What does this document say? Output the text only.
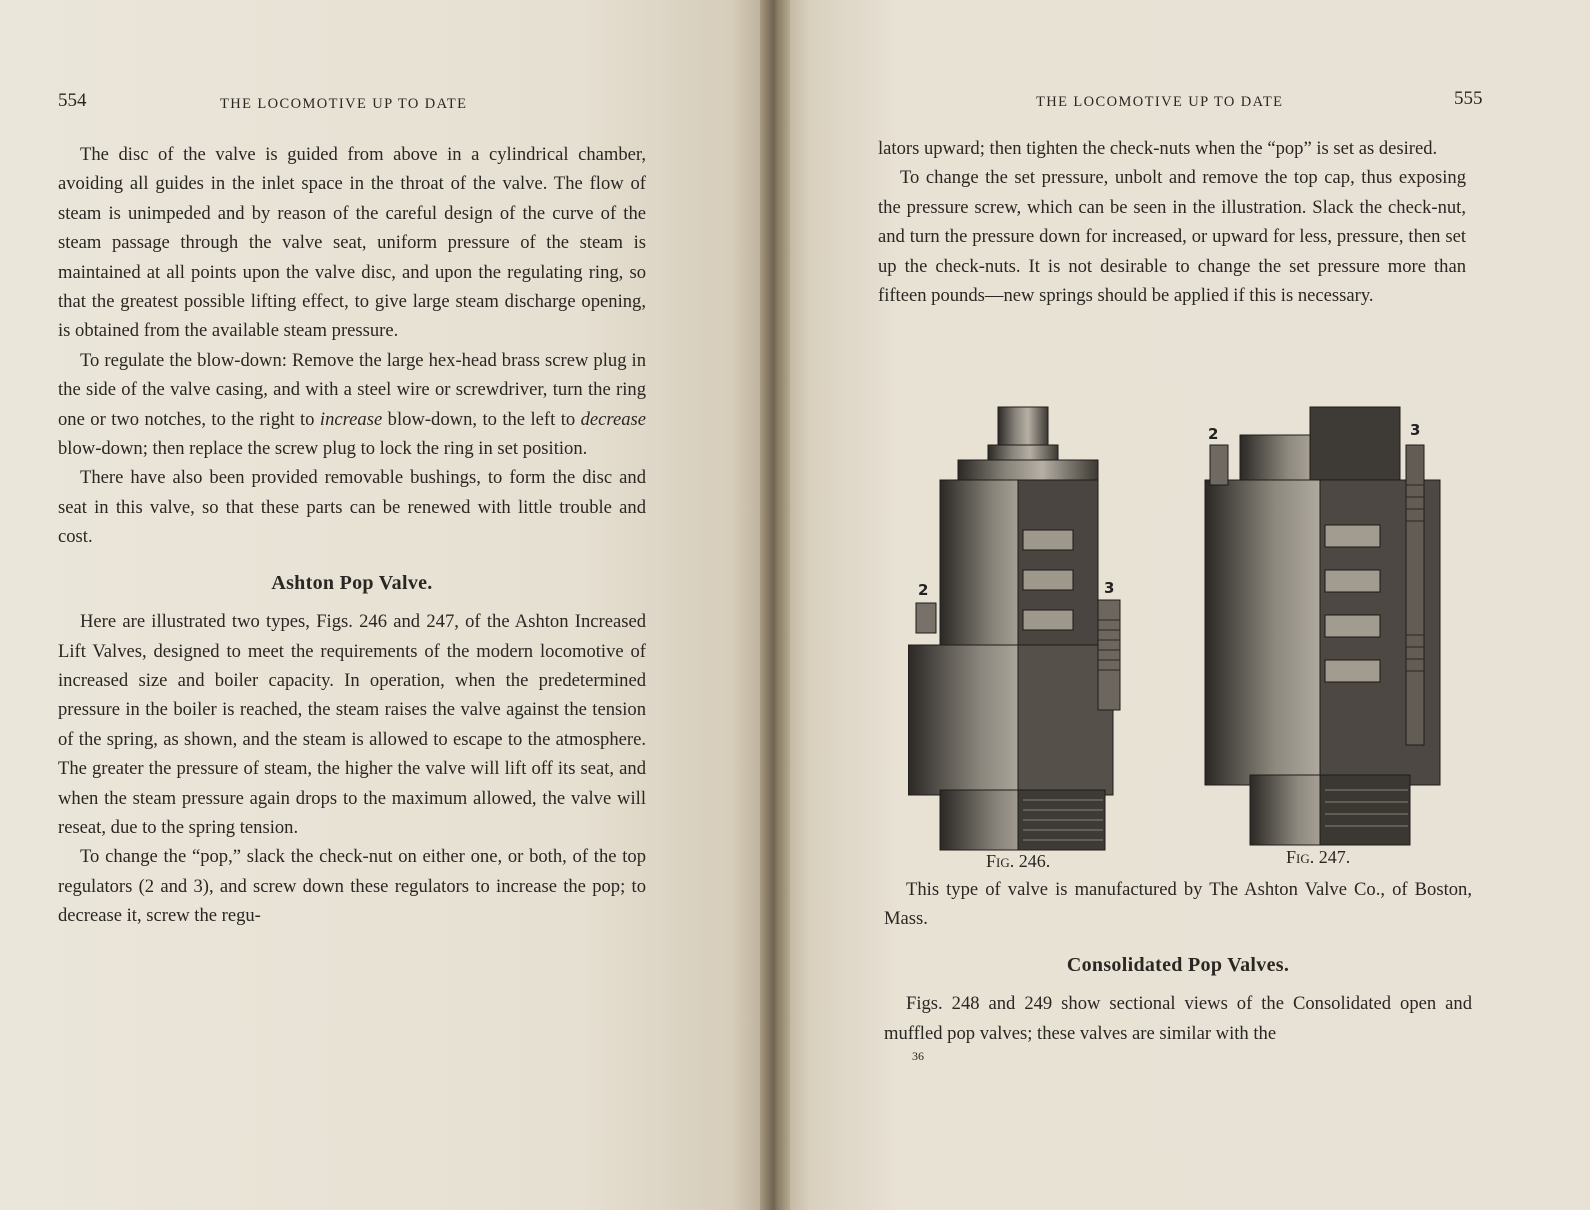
554	THE LOCOMOTIVE UP TO DATE

The disc of the valve is guided from above in a cylindrical chamber, avoiding all guides in the inlet space in the throat of the valve. The flow of steam is unimpeded and by reason of the careful design of the curve of the steam passage through the valve seat, uniform pressure of the steam is maintained at all points upon the valve disc, and upon the regulating ring, so that the greatest possible lifting effect, to give large steam discharge opening, is obtained from the available steam pressure.

To regulate the blow-down: Remove the large hex-head brass screw plug in the side of the valve casing, and with a steel wire or screwdriver, turn the ring one or two notches, to the right to increase blow-down, to the left to decrease blow-down; then replace the screw plug to lock the ring in set position.

There have also been provided removable bushings, to form the disc and seat in this valve, so that these parts can be renewed with little trouble and cost.

Ashton Pop Valve.

Here are illustrated two types, Figs. 246 and 247, of the Ashton Increased Lift Valves, designed to meet the requirements of the modern locomotive of increased size and boiler capacity. In operation, when the predetermined pressure in the boiler is reached, the steam raises the valve against the tension of the spring, as shown, and the steam is allowed to escape to the atmosphere. The greater the pressure of steam, the higher the valve will lift off its seat, and when the steam pressure again drops to the maximum allowed, the valve will reseat, due to the spring tension.

To change the “pop,” slack the check-nut on either one, or both, of the top regulators (2 and 3), and screw down these regulators to increase the pop; to decrease it, screw the regu-

THE LOCOMOTIVE UP TO DATE	555

lators upward; then tighten the check-nuts when the “pop” is set as desired.

To change the set pressure, unbolt and remove the top cap, thus exposing the pressure screw, which can be seen in the illustration. Slack the check-nut, and turn the pressure down for increased, or upward for less, pressure, then set up the check-nuts. It is not desirable to change the set pressure more than fifteen pounds—new springs should be applied if this is necessary.

This type of valve is manufactured by The Ashton Valve Co., of Boston, Mass.

Consolidated Pop Valves.

Figs. 248 and 249 show sectional views of the Consolidated open and muffled pop valves; these valves are similar with the

36
2	3
2	3
Fig. 246.	Fig. 247.
